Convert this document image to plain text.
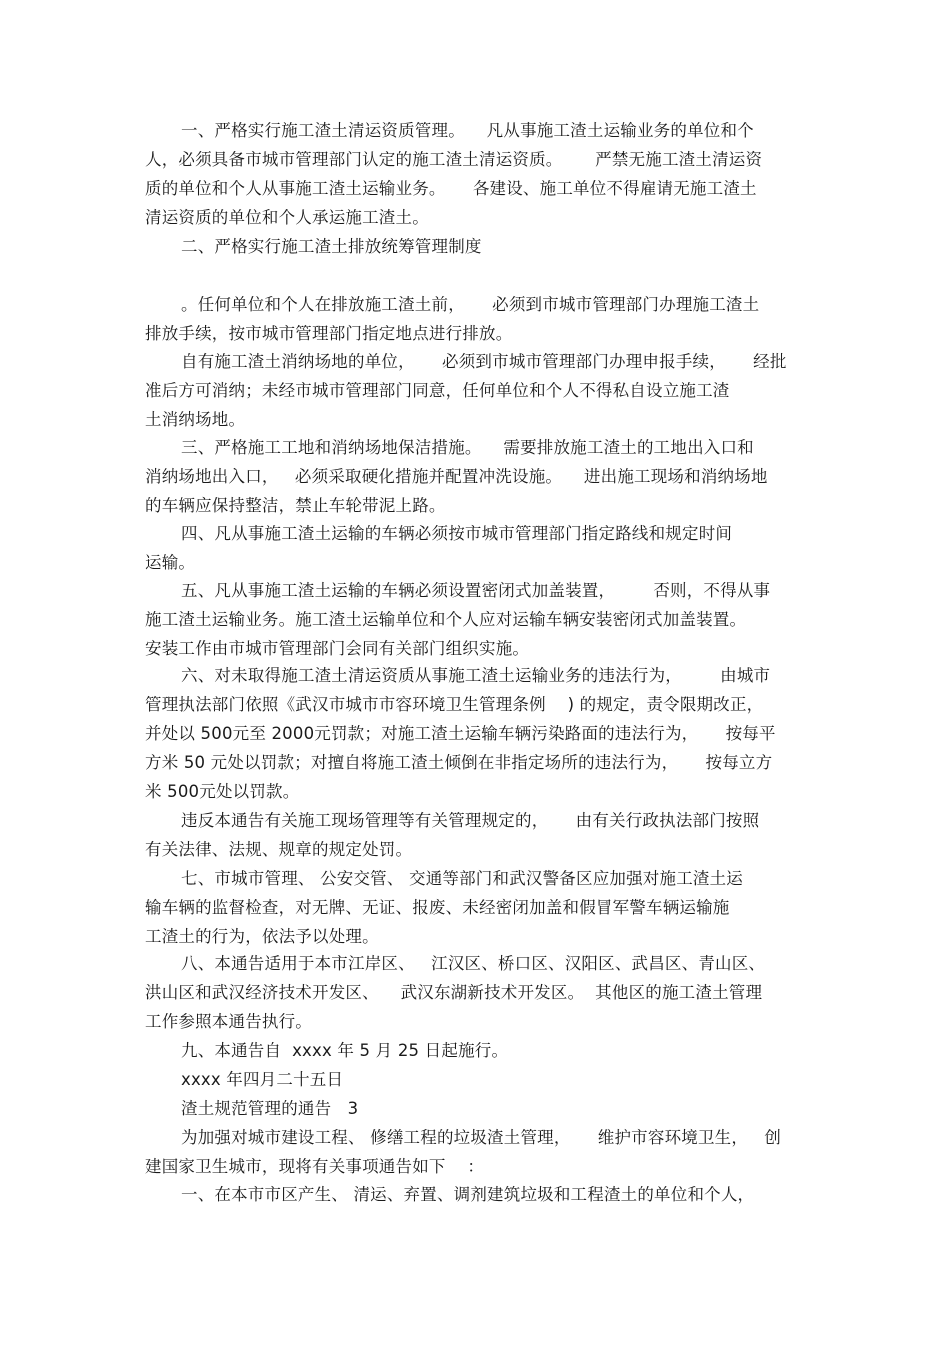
一、严格实行施工渣土清运资质管理。    凡从事施工渣土运输业务的单位和个
人，必须具备市城市管理部门认定的施工渣土清运资质。      严禁无施工渣土清运资
质的单位和个人从事施工渣土运输业务。     各建设、施工单位不得雇请无施工渣土
清运资质的单位和个人承运施工渣土。
二、严格实行施工渣土排放统筹管理制度
。任何单位和个人在排放施工渣土前，     必须到市城市管理部门办理施工渣土
排放手续，按市城市管理部门指定地点进行排放。
自有施工渣土消纳场地的单位，     必须到市城市管理部门办理申报手续，     经批
准后方可消纳；未经市城市管理部门同意，任何单位和个人不得私自设立施工渣
土消纳场地。
三、严格施工工地和消纳场地保洁措施。    需要排放施工渣土的工地出入口和
消纳场地出入口，   必须采取硬化措施并配置冲洗设施。    进出施工现场和消纳场地
的车辆应保持整洁，禁止车轮带泥上路。
四、凡从事施工渣土运输的车辆必须按市城市管理部门指定路线和规定时间
运输。
五、凡从事施工渣土运输的车辆必须设置密闭式加盖装置，       否则，不得从事
施工渣土运输业务。施工渣土运输单位和个人应对运输车辆安装密闭式加盖装置。
安装工作由市城市管理部门会同有关部门组织实施。
六、对未取得施工渣土清运资质从事施工渣土运输业务的违法行为，       由城市
管理执法部门依照《武汉市城市市容环境卫生管理条例    ) 的规定，责令限期改正，
并处以 500元至 2000元罚款；对施工渣土运输车辆污染路面的违法行为，     按每平
方米 50 元处以罚款；对擅自将施工渣土倾倒在非指定场所的违法行为，     按每立方
米 500元处以罚款。
违反本通告有关施工现场管理等有关管理规定的，     由有关行政执法部门按照
有关法律、法规、规章的规定处罚。
七、市城市管理、 公安交管、 交通等部门和武汉警备区应加强对施工渣土运
输车辆的监督检查，对无牌、无证、报废、未经密闭加盖和假冒军警车辆运输施
工渣土的行为，依法予以处理。
八、本通告适用于本市江岸区、   江汉区、桥口区、汉阳区、武昌区、青山区、
洪山区和武汉经济技术开发区、    武汉东湖新技术开发区。  其他区的施工渣土管理
工作参照本通告执行。
九、本通告自  xxxx 年 5 月 25 日起施行。
xxxx 年四月二十五日
渣土规范管理的通告   3
为加强对城市建设工程、 修缮工程的垃圾渣土管理，     维护市容环境卫生，   创
建国家卫生城市，现将有关事项通告如下    ：
一、在本市市区产生、 清运、弃置、调剂建筑垃圾和工程渣土的单位和个人，
